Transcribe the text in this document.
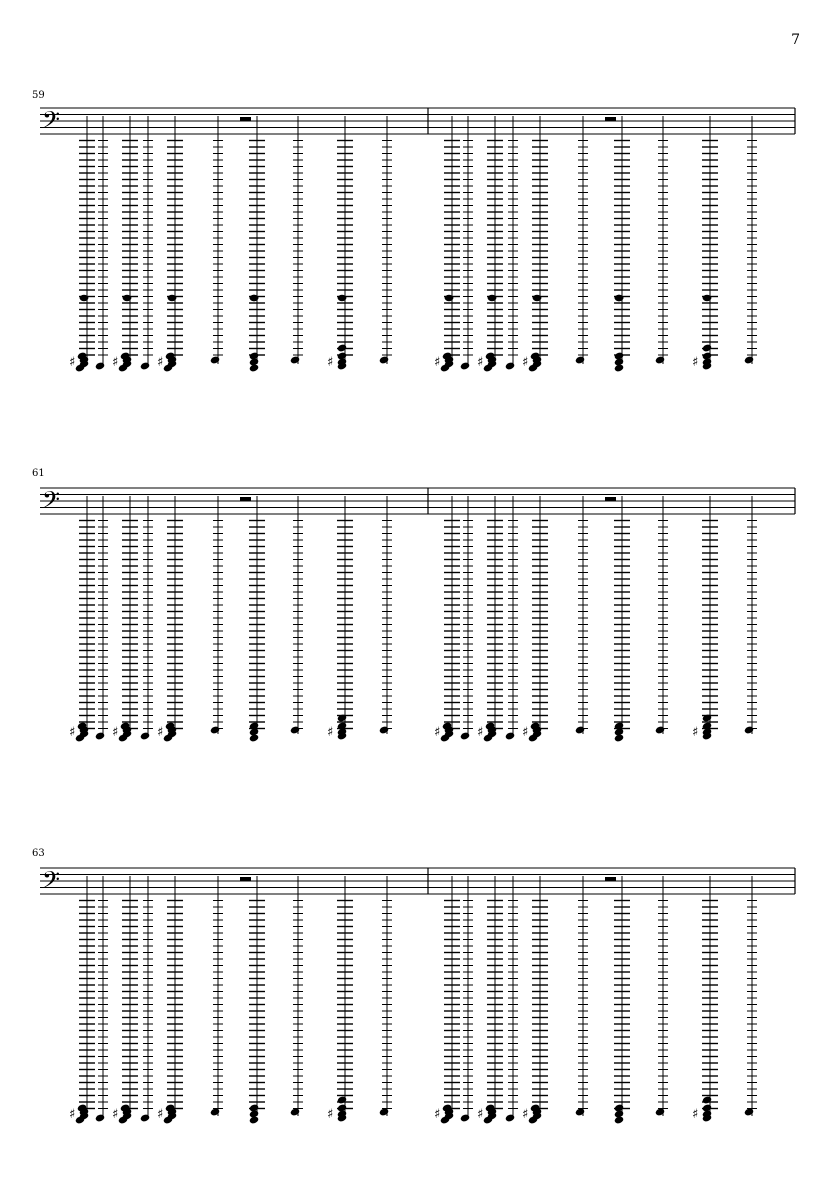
7
𝄢
♯	♯	♯	♯	♯	♯	♯	♯
𝄢
♯	♯	♯	♯	♯	♯	♯	♯
𝄢
♯	♯	♯	♯	♯	♯	♯	♯
59
61
63
